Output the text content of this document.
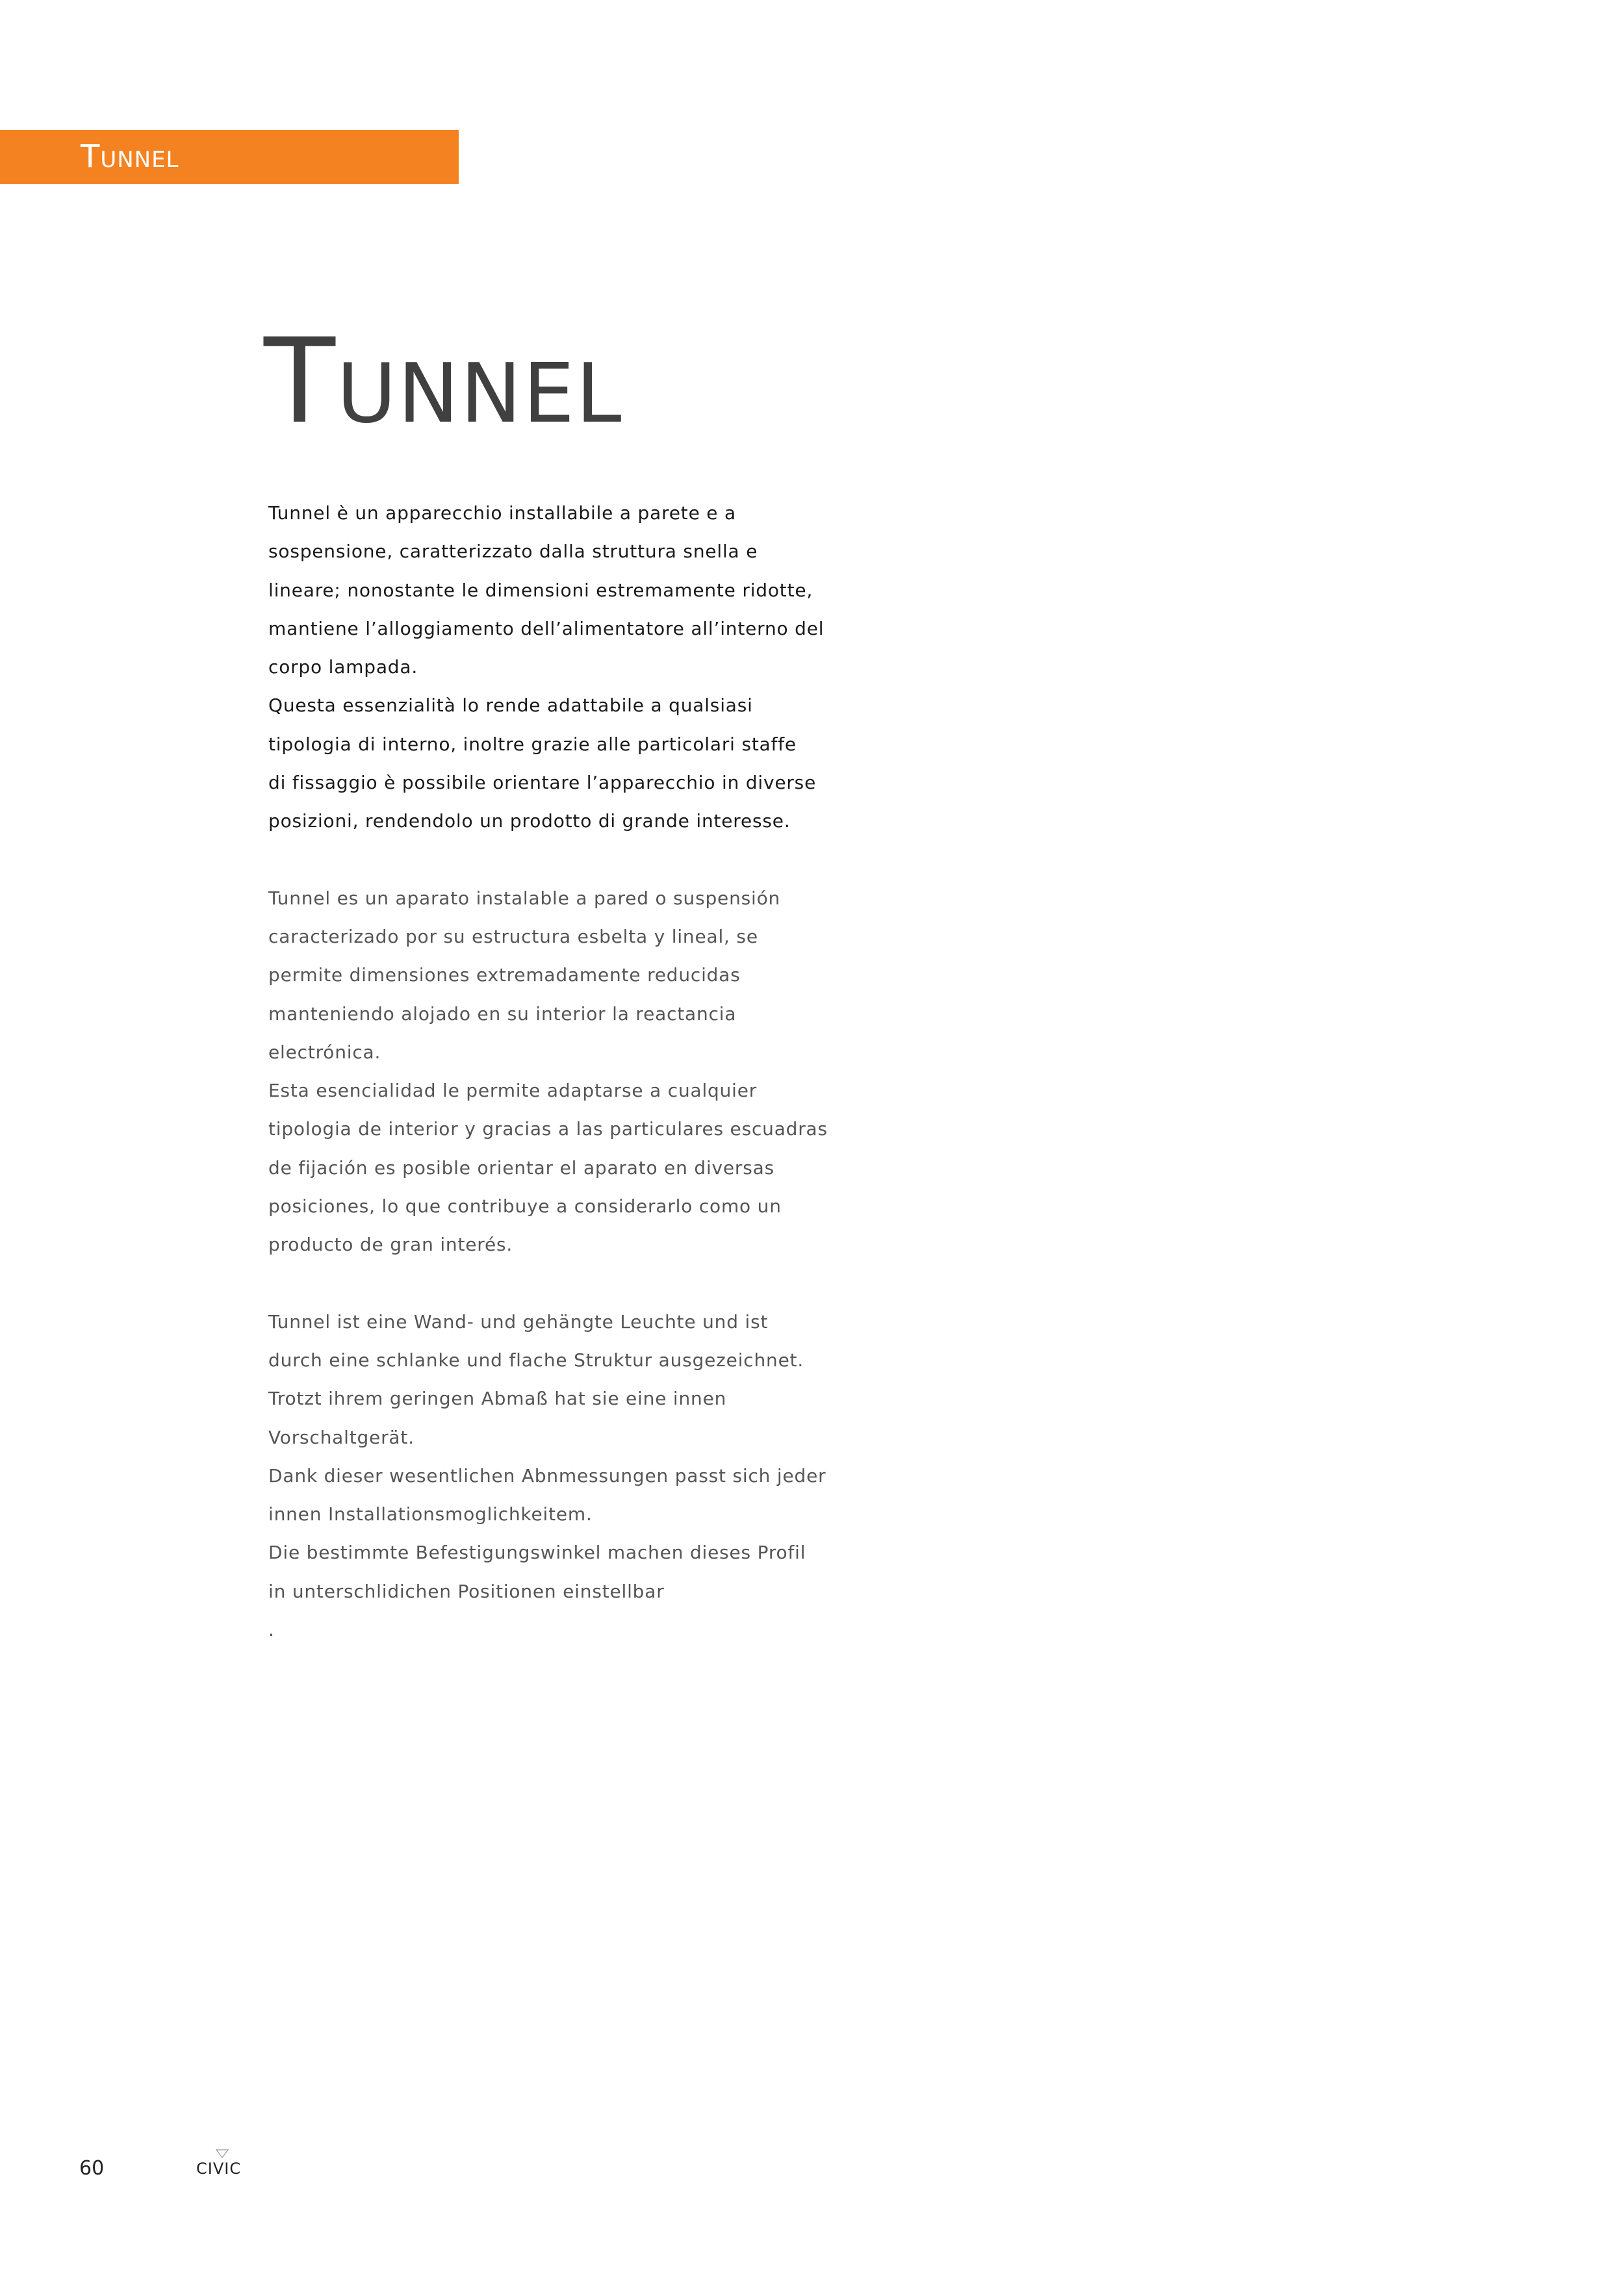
Tunnel
Tunnel

Tunnel è un apparecchio installabile a parete e a
sospensione, caratterizzato dalla struttura snella e
lineare; nonostante le dimensioni estremamente ridotte,
mantiene l’alloggiamento dell’alimentatore all’interno del
corpo lampada.
Questa essenzialità lo rende adattabile a qualsiasi
tipologia di interno, inoltre grazie alle particolari staffe
di fissaggio è possibile orientare l’apparecchio in diverse
posizioni, rendendolo un prodotto di grande interesse.

Tunnel es un aparato instalable a pared o suspensión
caracterizado por su estructura esbelta y lineal, se
permite dimensiones extremadamente reducidas
manteniendo alojado en su interior la reactancia
electrónica.
Esta esencialidad le permite adaptarse a cualquier
tipologia de interior y gracias a las particulares escuadras
de fijación es posible orientar el aparato en diversas
posiciones, lo que contribuye a considerarlo como un
producto de gran interés.

Tunnel ist eine Wand- und gehängte Leuchte und ist
durch eine schlanke und flache Struktur ausgezeichnet.
Trotzt ihrem geringen Abmaß hat sie eine innen
Vorschaltgerät.
Dank dieser wesentlichen Abnmessungen passt sich jeder
innen Installationsmoglichkeitem.
Die bestimmte Befestigungswinkel machen dieses Profil
in unterschlidichen Positionen einstellbar
.

60	civic
